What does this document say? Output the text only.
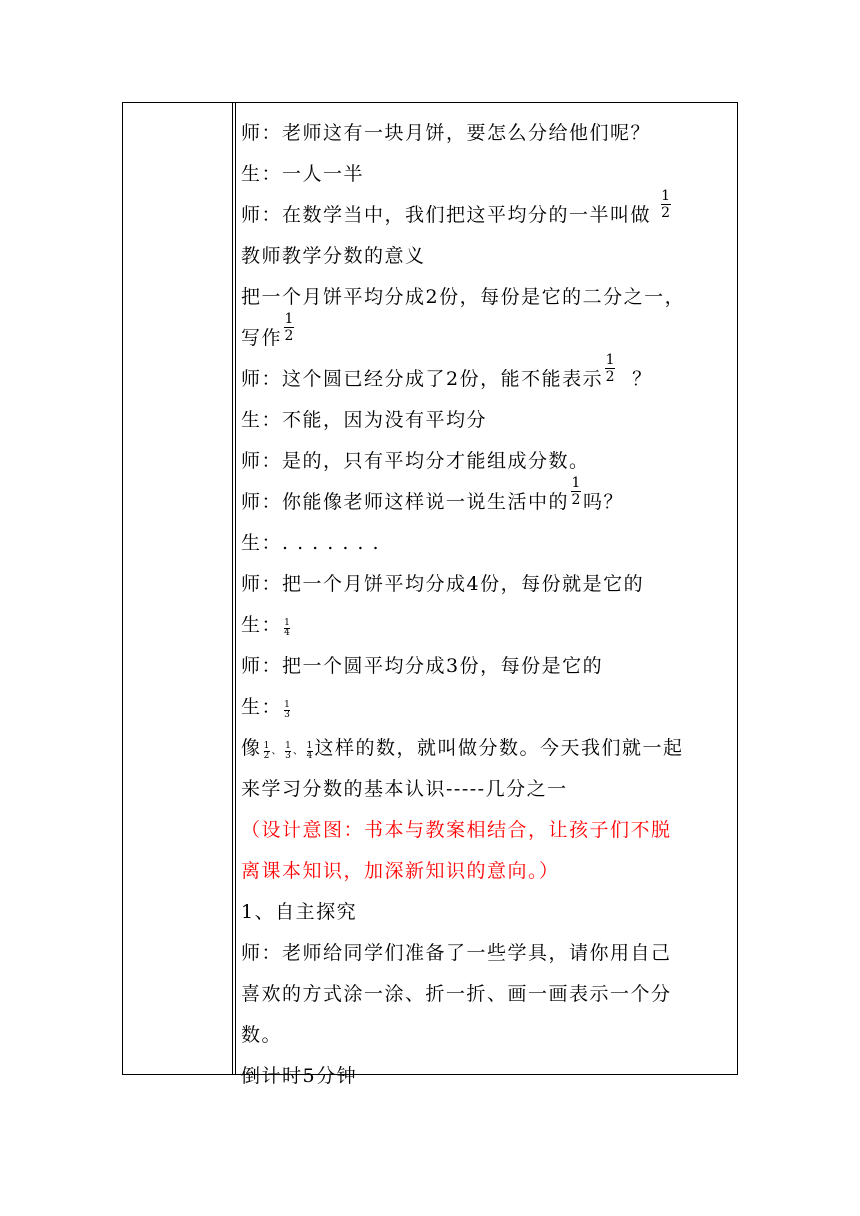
师：老师这有一块月饼，要怎么分给他们呢？
生：一人一半
师：在数学当中，我们把这平均分的一半叫做 $\frac{1}{2}$
教师教学分数的意义
把一个月饼平均分成2份，每份是它的二分之一，
写作 $\frac{1}{2}$
师：这个圆已经分成了2份，能不能表示 $\frac{1}{2}$ ？
生：不能，因为没有平均分
师：是的，只有平均分才能组成分数。
师：你能像老师这样说一说生活中的 $\frac{1}{2}$ 吗？
生：. . . . . . .
师：把一个月饼平均分成4份，每份就是它的
生： $\frac{1}{4}$
师：把一个圆平均分成3份，每份是它的
生： $\frac{1}{3}$
像 $\frac{1}{2}$ 、 $\frac{1}{3}$ 、 $\frac{1}{4}$ 这样的数，就叫做分数。今天我们就一起
来学习分数的基本认识-----几分之一
（设计意图：书本与教案相结合，让孩子们不脱
离课本知识，加深新知识的意向。）
1、自主探究
师：老师给同学们准备了一些学具，请你用自己
喜欢的方式涂一涂、折一折、画一画表示一个分
数。
倒计时5分钟
